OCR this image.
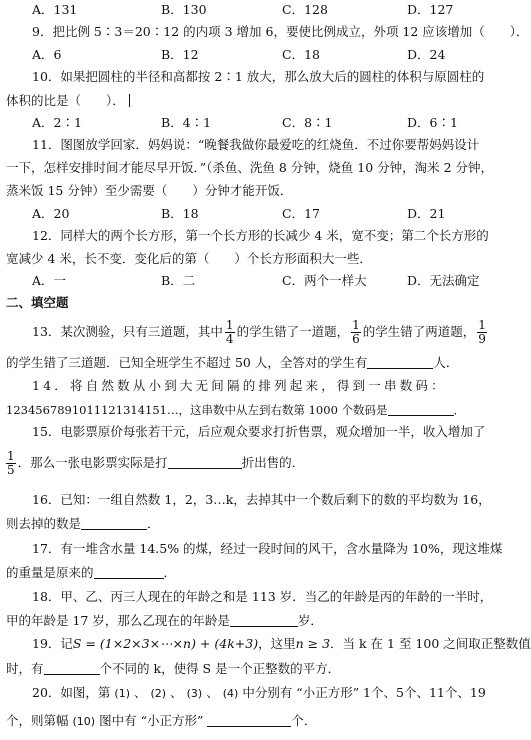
A．131	B．130	C．128	D．127
9．把比例 5∶3＝20∶12 的内项 3 增加 6，要使比例成立，外项 12 应该增加（　　）．
A．6	B．12	C．18	D．24
10．如果把圆柱的半径和高都按 2∶1 放大，那么放大后的圆柱的体积与原圆柱的
体积的比是（　　）．
A．2∶1	B．4∶1	C．8∶1	D．6∶1
11．图图放学回家．妈妈说：“晚餐我做你最爱吃的红烧鱼．不过你要帮妈妈设计
一下，怎样安排时间才能尽早开饭．”（杀鱼、洗鱼 8 分钟，烧鱼 10 分钟，淘米 2 分钟，
蒸米饭 15 分钟）至少需要（　　）分钟才能开饭．
A．20	B．18	C．17	D．21
12．同样大的两个长方形，第一个长方形的长减少 4 米，宽不变；第二个长方形的
宽减少 4 米，长不变．变化后的第（　　）个长方形面积大一些．
A．一	B．二	C．两个一样大	D．无法确定
二、填空题
13．某次测验，只有三道题，其中 $\frac{1}{4}$ 的学生错了一道题， $\frac{1}{6}$ 的学生错了两道题， $\frac{1}{9}$
的学生错了三道题．已知全班学生不超过 50 人，全答对的学生有	人．
14．将自然数从小到大无间隔的排列起来，得到一串数码：
1234567891011121314151…，这串数中从左到右数第 1000 个数码是	．
15．电影票原价每张若干元，后应观众要求打折售票，观众增加一半，收入增加了
$\frac{1}{5}$ ．那么一张电影票实际是打	折出售的．
16．已知：一组自然数 1，2，3…k，去掉其中一个数后剩下的数的平均数为 16，
则去掉的数是	．
17．有一堆含水量 14.5% 的煤，经过一段时间的风干，含水量降为 10%，现这堆煤
的重量是原来的	．
18．甲、乙、丙三人现在的年龄之和是 113 岁．当乙的年龄是丙的年龄的一半时，
甲的年龄是 17 岁，那么乙现在的年龄是	岁．
19．记S = (1×2×3×⋯×n) + (4k+3)，这里n ≥ 3．当 k 在 1 至 100 之间取正整数值
时，有	个不同的 k，使得 S 是一个正整数的平方．
20．如图，第 (1) 、 (2) 、 (3) 、 (4) 中分别有 “小正方形” 1个、5个、11个、19
个，则第幅 (10) 图中有 “小正方形”	个．
